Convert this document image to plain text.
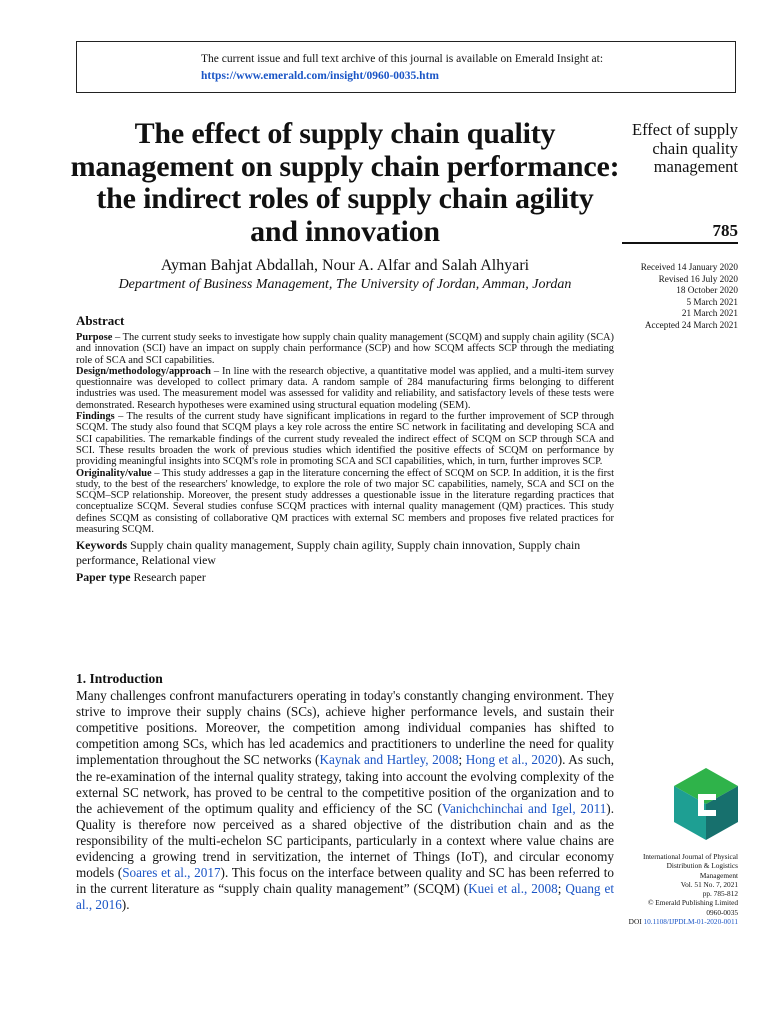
The current issue and full text archive of this journal is available on Emerald Insight at:
https://www.emerald.com/insight/0960-0035.htm
The effect of supply chain quality management on supply chain performance: the indirect roles of supply chain agility and innovation
Effect of supply chain quality management
785
Ayman Bahjat Abdallah, Nour A. Alfar and Salah Alhyari
Department of Business Management, The University of Jordan, Amman, Jordan
Received 14 January 2020
Revised 16 July 2020
18 October 2020
5 March 2021
21 March 2021
Accepted 24 March 2021
Abstract

Purpose – The current study seeks to investigate how supply chain quality management (SCQM) and supply chain agility (SCA) and innovation (SCI) have an impact on supply chain performance (SCP) and how SCQM affects SCP through the mediating role of SCA and SCI capabilities.

Design/methodology/approach – In line with the research objective, a quantitative model was applied, and a multi-item survey questionnaire was developed to collect primary data. A random sample of 284 manufacturing firms belonging to different industries was used. The measurement model was assessed for validity and reliability, and satisfactory levels of these tests were demonstrated. Research hypotheses were examined using structural equation modeling (SEM).

Findings – The results of the current study have significant implications in regard to the further improvement of SCP through SCQM. The study also found that SCQM plays a key role across the entire SC network in facilitating and developing SCA and SCI capabilities. The remarkable findings of the current study revealed the indirect effect of SCQM on SCP through SCA and SCI. These results broaden the work of previous studies which identified the positive effects of SCQM on performance by providing meaningful insights into SCQM's role in promoting SCA and SCI capabilities, which, in turn, further improves SCP.

Originality/value – This study addresses a gap in the literature concerning the effect of SCQM on SCP. In addition, it is the first study, to the best of the researchers' knowledge, to explore the role of two major SC capabilities, namely, SCA and SCI on the SCQM–SCP relationship. Moreover, the present study addresses a questionable issue in the literature regarding practices that conceptualize SCQM. Several studies confuse SCQM practices with internal quality management (QM) practices. This study defines SCQM as consisting of collaborative QM practices with external SC members and proposes five related practices for measuring SCQM.

Keywords Supply chain quality management, Supply chain agility, Supply chain innovation, Supply chain performance, Relational view

Paper type Research paper

1. Introduction

Many challenges confront manufacturers operating in today's constantly changing environment. They strive to improve their supply chains (SCs), achieve higher performance levels, and sustain their competitive positions. Moreover, the competition among individual companies has shifted to competition among SCs, which has led academics and practitioners to underline the need for quality implementation throughout the SC networks (Kaynak and Hartley, 2008; Hong et al., 2020). As such, the re-examination of the internal quality strategy, taking into account the evolving complexity of the external SC network, has proved to be central to the competitive position of the organization and to the achievement of the optimum quality and efficiency of the SC (Vanichchinchai and Igel, 2011). Quality is therefore now perceived as a shared objective of the distribution chain and as the responsibility of the multi-echelon SC participants, particularly in a context where value chains are evidencing a growing trend in servitization, the internet of Things (IoT), and circular economy models (Soares et al., 2017). This focus on the interface between quality and SC has been referred to in the current literature as “supply chain quality management” (SCQM) (Kuei et al., 2008; Quang et al., 2016).

International Journal of Physical
Distribution & Logistics
Management
Vol. 51 No. 7, 2021
pp. 785-812
© Emerald Publishing Limited
0960-0035
DOI 10.1108/IJPDLM-01-2020-0011
